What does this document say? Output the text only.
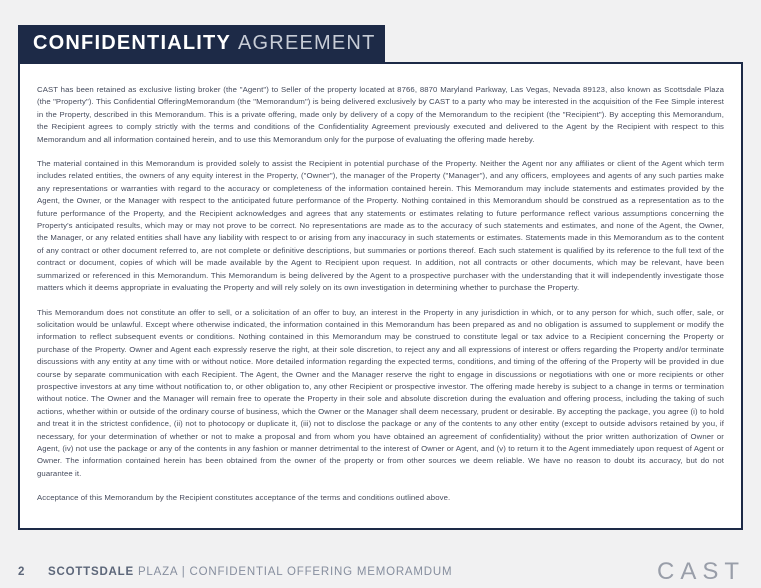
CONFIDENTIALITY AGREEMENT

CAST has been retained as exclusive listing broker (the "Agent") to Seller of the property located at 8766, 8870 Maryland Parkway, Las Vegas, Nevada 89123, also known as Scottsdale Plaza (the "Property"). This Confidential OfferingMemorandum (the "Memorandum") is being delivered exclusively by CAST to a party who may be interested in the acquisition of the Fee Simple interest in the Property, described in this Memorandum. This is a private offering, made only by delivery of a copy of the Memorandum to the recipient (the "Recipient"). By accepting this Memorandum, the Recipient agrees to comply strictly with the terms and conditions of the Confidentiality Agreement previously executed and delivered to the Agent by the Recipient with respect to this Memorandum and all information contained herein, and to use this Memorandum only for the purpose of evaluating the offering made hereby.

The material contained in this Memorandum is provided solely to assist the Recipient in potential purchase of the Property. Neither the Agent nor any affiliates or client of the Agent which term includes related entities, the owners of any equity interest in the Property, ("Owner"), the manager of the Property ("Manager"), and any officers, employees and agents of any such parties make any representations or warranties with regard to the accuracy or completeness of the information contained herein. This Memorandum may include statements and estimates provided by the Agent, the Owner, or the Manager with respect to the anticipated future performance of the Property. Nothing contained in this Memorandum should be construed as a representation as to the future performance of the Property, and the Recipient acknowledges and agrees that any statements or estimates relating to future performance reflect various assumptions concerning the Property's anticipated results, which may or may not prove to be correct. No representations are made as to the accuracy of such statements and estimates, and none of the Agent, the Owner, the Manager, or any related entities shall have any liability with respect to or arising from any inaccuracy in such statements or estimates. Statements made in this Memorandum as to the content of any contract or other document referred to, are not complete or definitive descriptions, but summaries or portions thereof. Each such statement is qualified by its reference to the full text of the contract or document, copies of which will be made available by the Agent to Recipient upon request. In addition, not all contracts or other documents, which may be relevant, have been summarized or referenced in this Memorandum. This Memorandum is being delivered by the Agent to a prospective purchaser with the understanding that it will independently investigate those matters which it deems appropriate in evaluating the Property and will rely solely on its own investigation in determining whether to purchase the Property.

This Memorandum does not constitute an offer to sell, or a solicitation of an offer to buy, an interest in the Property in any jurisdiction in which, or to any person for which, such offer, sale, or solicitation would be unlawful. Except where otherwise indicated, the information contained in this Memorandum has been prepared as and no obligation is assumed to supplement or modify the information to reflect subsequent events or conditions. Nothing contained in this Memorandum may be construed to constitute legal or tax advice to a Recipient concerning the Property or purchase of the Property. Owner and Agent each expressly reserve the right, at their sole discretion, to reject any and all expressions of interest or offers regarding the Property and/or terminate discussions with any entity at any time with or without notice. More detailed information regarding the expected terms, conditions, and timing of the offering of the Property will be provided in due course by separate communication with each Recipient. The Agent, the Owner and the Manager reserve the right to engage in discussions or negotiations with one or more recipients or other prospective investors at any time without notification to, or other obligation to, any other Recipient or prospective investor. The offering made hereby is subject to a change in terms or termination without notice. The Owner and the Manager will remain free to operate the Property in their sole and absolute discretion during the evaluation and offering process, including the taking of such actions, whether within or outside of the ordinary course of business, which the Owner or the Manager shall deem necessary, prudent or desirable. By accepting the package, you agree (i) to hold and treat it in the strictest confidence, (ii) not to photocopy or duplicate it, (iii) not to disclose the package or any of the contents to any other entity (except to outside advisors retained by you, if necessary, for your determination of whether or not to make a proposal and from whom you have obtained an agreement of confidentiality) without the prior written authorization of Owner or Agent, (iv) not use the package or any of the contents in any fashion or manner detrimental to the interest of Owner or Agent, and (v) to return it to the Agent immediately upon request of Agent or Owner. The information contained herein has been obtained from the owner of the property or from other sources we deem reliable. We have no reason to doubt its accuracy, but do not guarantee it.

Acceptance of this Memorandum by the Recipient constitutes acceptance of the terms and conditions outlined above.

2 SCOTTSDALE PLAZA | CONFIDENTIAL OFFERING MEMORAMDUM	CAST
